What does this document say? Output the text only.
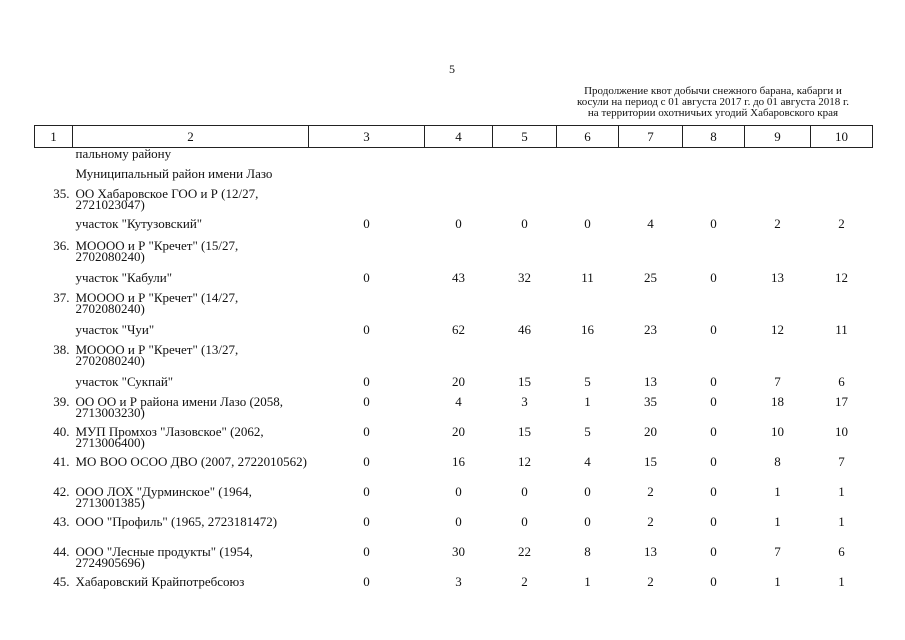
5
Продолжение квот добычи снежного барана, кабарги и
косули на период с 01 августа 2017 г. до 01 августа 2018 г.
на территории охотничьих угодий Хабаровского края
1	2	3	4	5	6	7	8	9	10
	пальному району								
	Муниципальный район имени Лазо								
35.	ОО Хабаровское ГОО и Р (12/27, 2721023047)								
	участок "Кутузовский"	0	0	0	0	4	0	2	2
36.	МОООО и Р "Кречет" (15/27, 2702080240)								
	участок "Кабули"	0	43	32	11	25	0	13	12
37.	МОООО и Р "Кречет" (14/27, 2702080240)								
	участок "Чуи"	0	62	46	16	23	0	12	11
38.	МОООО и Р "Кречет" (13/27, 2702080240)								
	участок "Сукпай"	0	20	15	5	13	0	7	6
39.	ОО ОО и Р района имени Лазо (2058, 2713003230)	0	4	3	1	35	0	18	17
40.	МУП Промхоз "Лазовское" (2062, 2713006400)	0	20	15	5	20	0	10	10
41.	МО ВОО ОСОО ДВО (2007, 2722010562)	0	16	12	4	15	0	8	7
42.	ООО ЛОХ "Дурминское" (1964, 2713001385)	0	0	0	0	2	0	1	1
43.	ООО "Профиль" (1965, 2723181472)	0	0	0	0	2	0	1	1
44.	ООО "Лесные продукты" (1954, 2724905696)	0	30	22	8	13	0	7	6
45.	Хабаровский Крайпотребсоюз	0	3	2	1	2	0	1	1
